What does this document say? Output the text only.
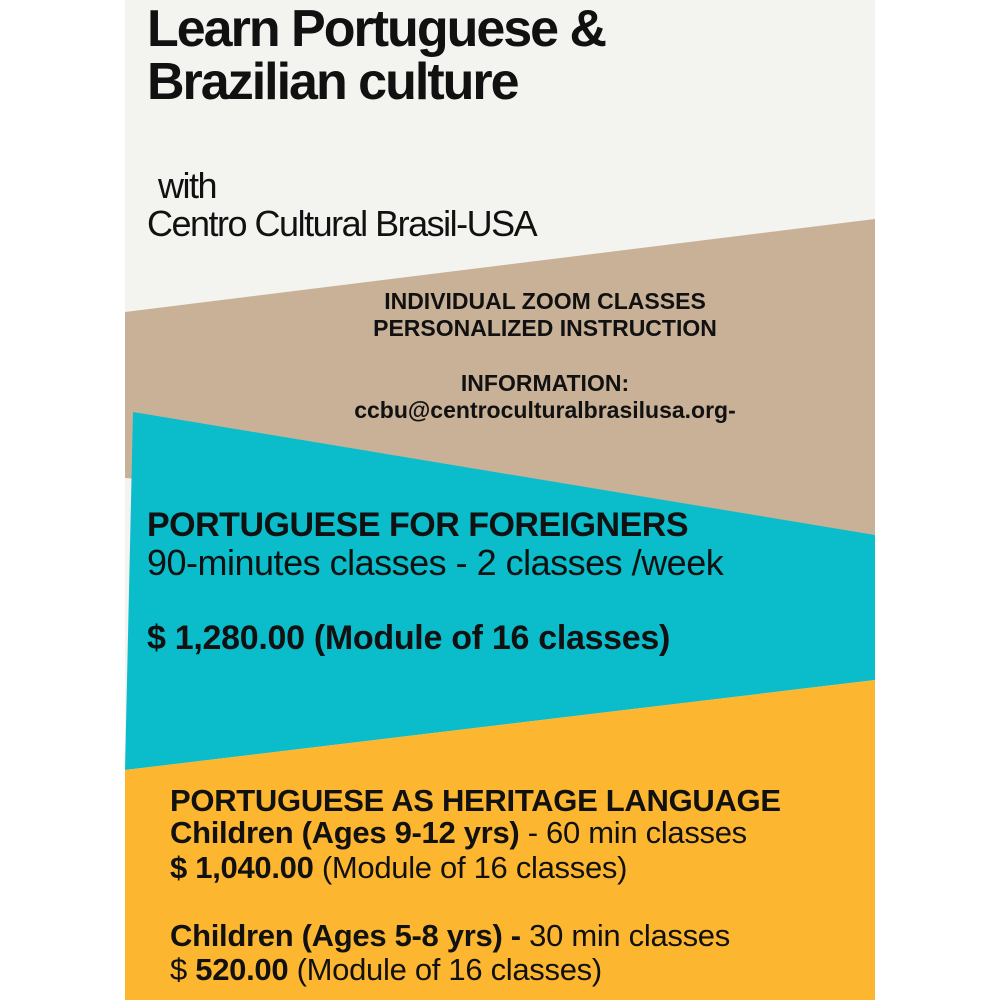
Learn Portuguese &
Brazilian culture
with
Centro Cultural Brasil-USA
INDIVIDUAL ZOOM CLASSES
PERSONALIZED INSTRUCTION
INFORMATION:
ccbu@centroculturalbrasilusa.org-
PORTUGUESE FOR FOREIGNERS
90-minutes classes - 2 classes /week
$ 1,280.00 (Module of 16 classes)
PORTUGUESE AS HERITAGE LANGUAGE
Children (Ages 9-12 yrs) - 60 min classes
$ 1,040.00 (Module of 16 classes)
Children (Ages 5-8 yrs) - 30 min classes
$ 520.00 (Module of 16 classes)
